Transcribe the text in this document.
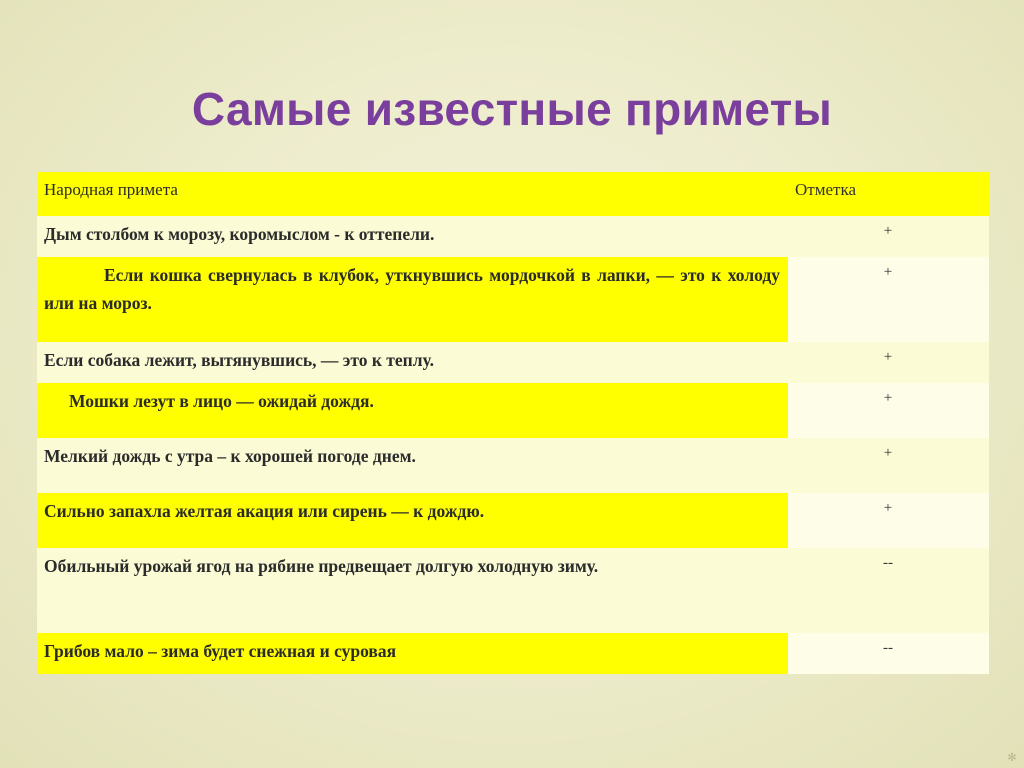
Самые известные приметы
Народная примета	Отметка
Дым столбом к морозу, коромыслом - к оттепели.	+
Если кошка свернулась в клубок, уткнувшись мордочкой в лапки, — это к холоду или на мороз.	+
Если собака лежит, вытянувшись, — это к теплу.	+
Мошки лезут в лицо — ожидай дождя.	+
Мелкий дождь с утра – к хорошей погоде днем.	+
Сильно запахла желтая акация или сирень — к дождю.	+
Обильный урожай ягод на рябине предвещает долгую холодную зиму.	--
Грибов мало – зима будет снежная и суровая	--
✻
